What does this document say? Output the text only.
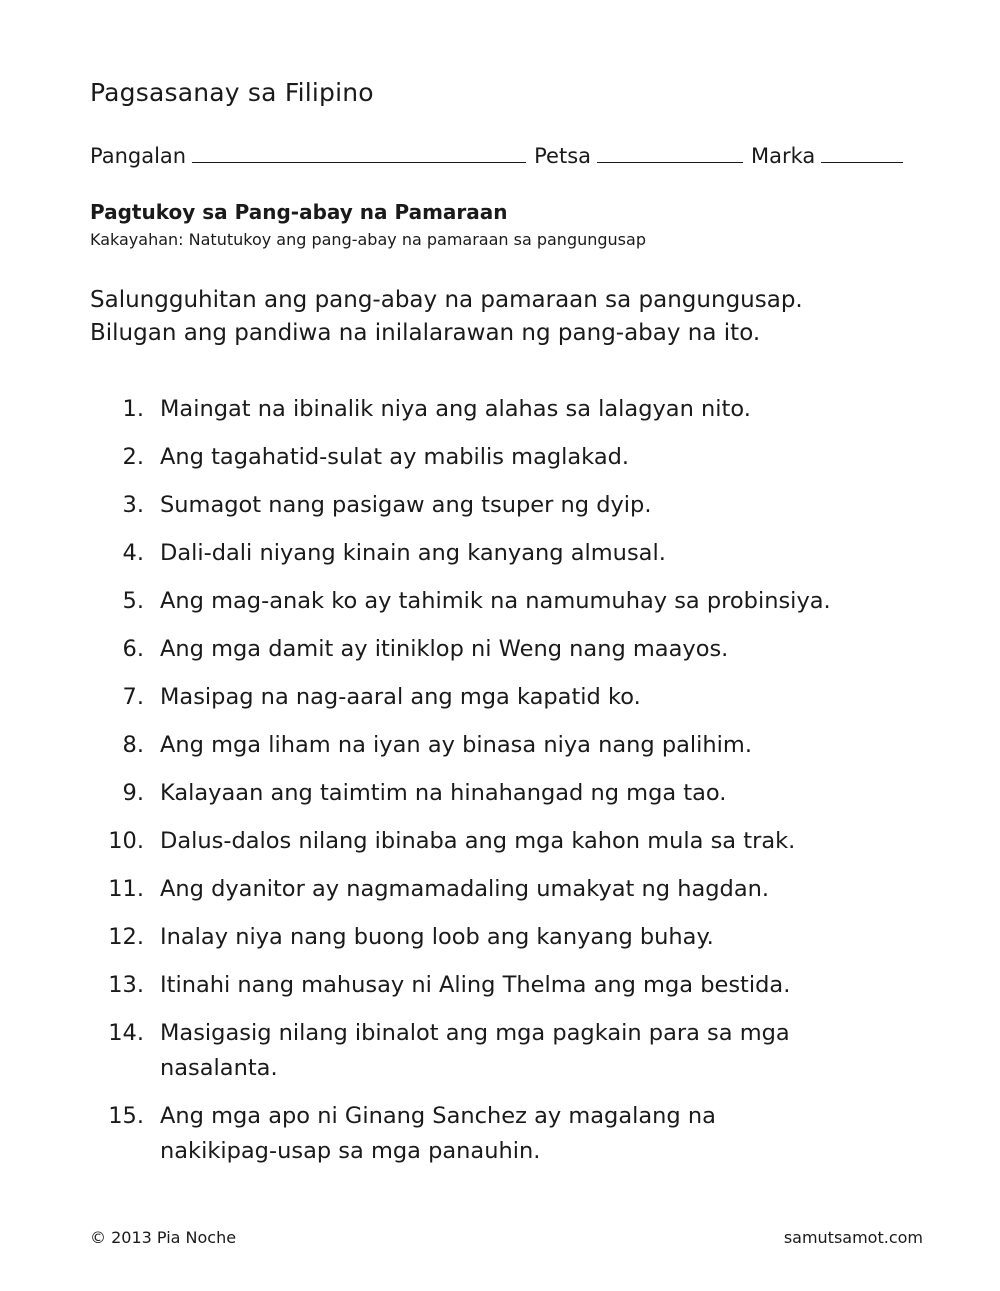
Pagsasanay sa Filipino
Pangalan	Petsa	Marka
Pagtukoy sa Pang-abay na Pamaraan
Kakayahan: Natutukoy ang pang-abay na pamaraan sa pangungusap
Salungguhitan ang pang-abay na pamaraan sa pangungusap.
Bilugan ang pandiwa na inilalarawan ng pang-abay na ito.
1. Maingat na ibinalik niya ang alahas sa lalagyan nito.
2. Ang tagahatid-sulat ay mabilis maglakad.
3. Sumagot nang pasigaw ang tsuper ng dyip.
4. Dali-dali niyang kinain ang kanyang almusal.
5. Ang mag-anak ko ay tahimik na namumuhay sa probinsiya.
6. Ang mga damit ay itiniklop ni Weng nang maayos.
7. Masipag na nag-aaral ang mga kapatid ko.
8. Ang mga liham na iyan ay binasa niya nang palihim.
9. Kalayaan ang taimtim na hinahangad ng mga tao.
10. Dalus-dalos nilang ibinaba ang mga kahon mula sa trak.
11. Ang dyanitor ay nagmamadaling umakyat ng hagdan.
12. Inalay niya nang buong loob ang kanyang buhay.
13. Itinahi nang mahusay ni Aling Thelma ang mga bestida.
14. Masigasig nilang ibinalot ang mga pagkain para sa mga nasalanta.
15. Ang mga apo ni Ginang Sanchez ay magalang na nakikipag-usap sa mga panauhin.
© 2013 Pia Noche	samutsamot.com
